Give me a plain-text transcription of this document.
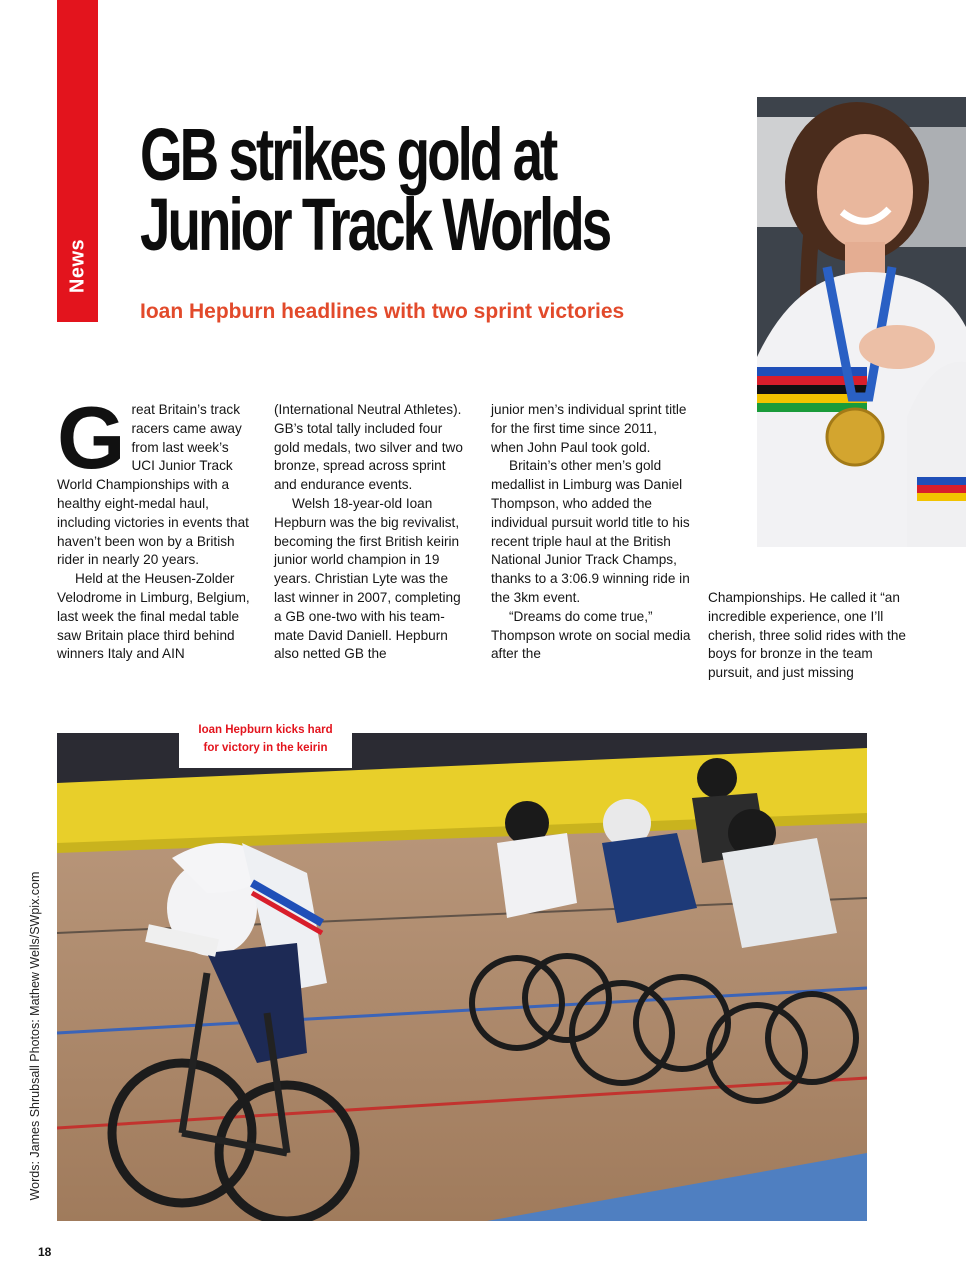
News
GB strikes gold at
Junior Track Worlds

Ioan Hepburn headlines with two sprint victories

G reat Britain’s track racers came away from last week’s UCI Junior Track World Championships with a healthy eight-medal haul, including victories in events that haven’t been won by a British rider in nearly 20 years.

Held at the Heusen-Zolder Velodrome in Limburg, Belgium, last week the final medal table saw Britain place third behind winners Italy and AIN

(International Neutral Athletes). GB’s total tally included four gold medals, two silver and two bronze, spread across sprint and endurance events.

Welsh 18-year-old Ioan Hepburn was the big revivalist, becoming the first British keirin junior world champion in 19 years. Christian Lyte was the last winner in 2007, completing a GB one-two with his team-mate David Daniell. Hepburn also netted GB the

junior men’s individual sprint title for the first time since 2011, when John Paul took gold.

Britain’s other men’s gold medallist in Limburg was Daniel Thompson, who added the individual pursuit world title to his recent triple haul at the British National Junior Track Champs, thanks to a 3:06.9 winning ride in the 3km event.

“Dreams do come true,” Thompson wrote on social media after the

Championships. He called it “an incredible experience, one I’ll cherish, three solid rides with the boys for bronze in the team pursuit, and just missing

Ioan Hepburn kicks hard
for victory in the keirin
Words: James Shrubsall Photos: Mathew Wells/SWpix.com
18
